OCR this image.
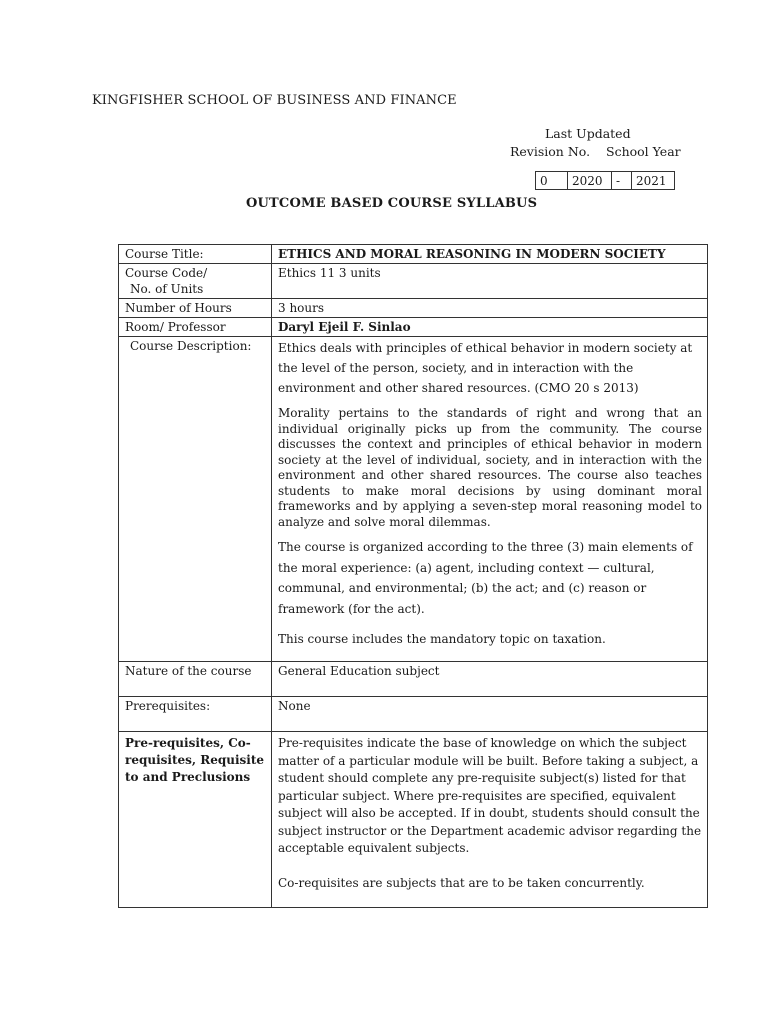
KINGFISHER SCHOOL OF BUSINESS AND FINANCE
Last Updated
Revision No. School Year
0	2020	-	2021
OUTCOME BASED COURSE SYLLABUS
Course Title:	ETHICS AND MORAL REASONING IN MODERN SOCIETY

Course Code/
No. of Units	Ethics 11 3 units
Number of Hours	3 hours
Room/ Professor	Daryl Ejeil F. Sinlao
Course Description:	Ethics deals with principles of ethical behavior in modern society at the level of the person, society, and in interaction with the environment and other shared resources. (CMO 20 s 2013)

Morality pertains to the standards of right and wrong that an individual originally picks up from the community. The course discusses the context and principles of ethical behavior in modern society at the level of individual, society, and in interaction with the environment and other shared resources. The course also teaches students to make moral decisions by using dominant moral frameworks and by applying a seven-step moral reasoning model to analyze and solve moral dilemmas.

The course is organized according to the three (3) main elements of the moral experience: (a) agent, including context — cultural, communal, and environmental; (b) the act; and (c) reason or framework (for the act).

This course includes the mandatory topic on taxation.

Nature of the course	General Education subject
Prerequisites:	None
Pre-requisites, Co-requisites, Requisite to and Preclusions	Pre-requisites indicate the base of knowledge on which the subject matter of a particular module will be built. Before taking a subject, a student should complete any pre-requisite subject(s) listed for that particular subject. Where pre-requisites are specified, equivalent subject will also be accepted. If in doubt, students should consult the subject instructor or the Department academic advisor regarding the acceptable equivalent subjects.

Co-requisites are subjects that are to be taken concurrently.
